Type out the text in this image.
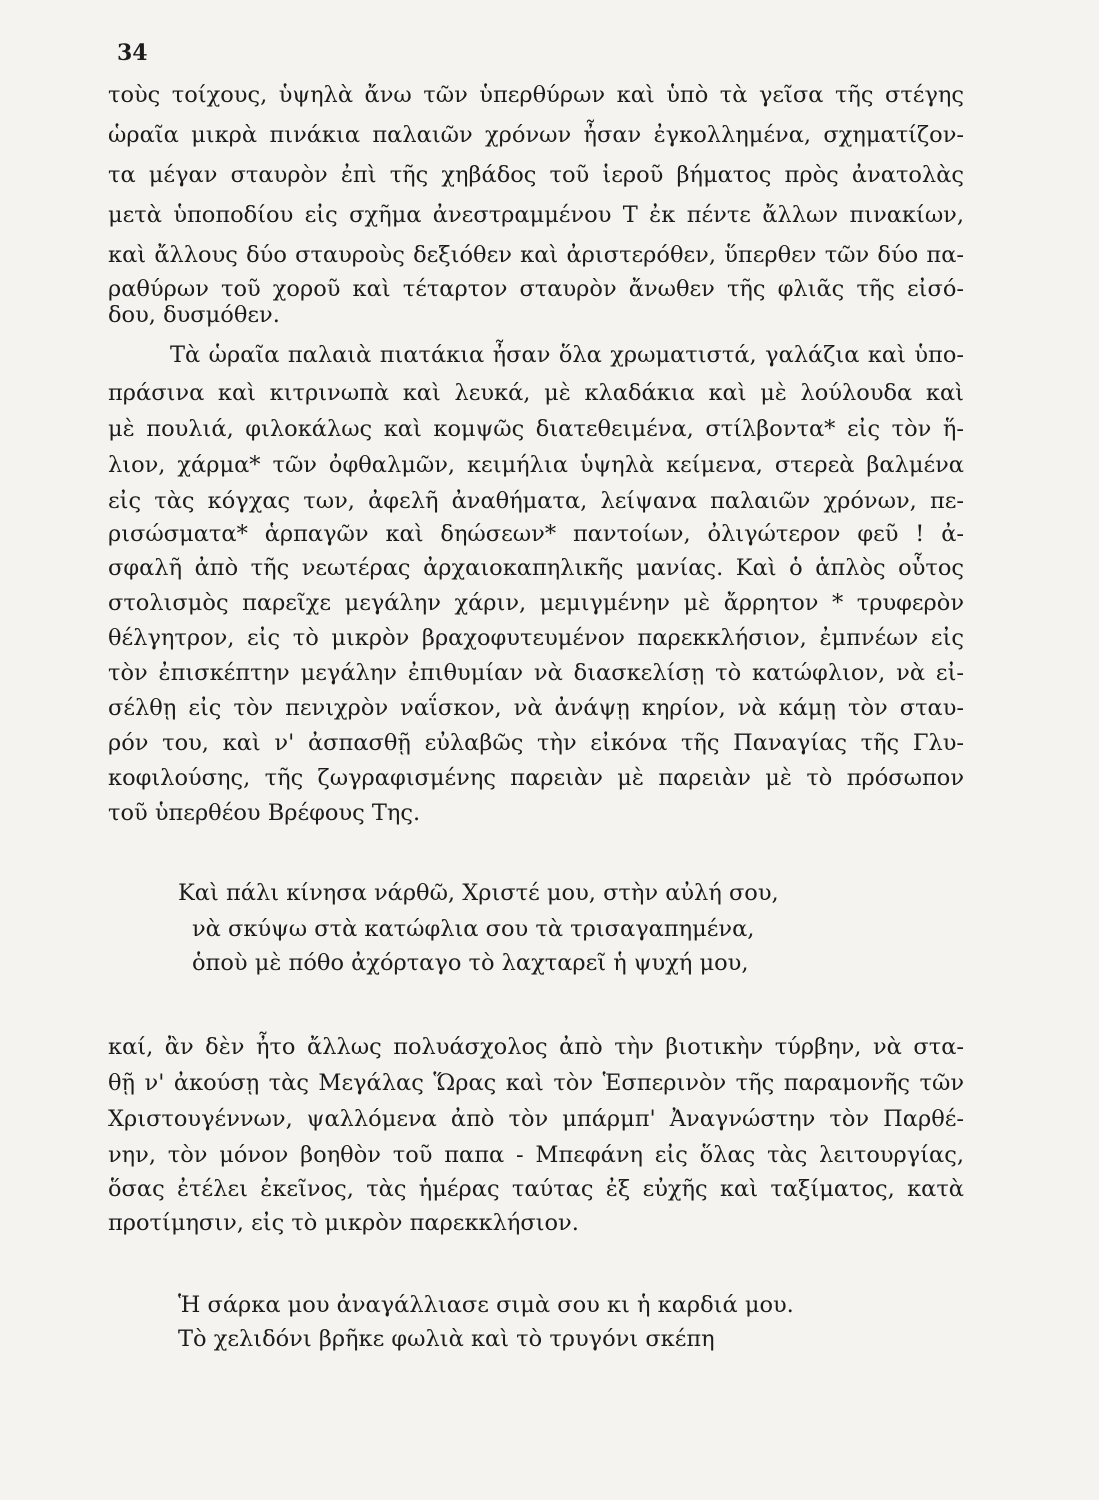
34
τοὺς τοίχους, ὑψηλὰ ἄνω τῶν ὑπερθύρων καὶ ὑπὸ τὰ γεῖσα τῆς στέγης
ὡραῖα μικρὰ πινάκια παλαιῶν χρόνων ἦσαν ἐγκολλημένα, σχηματίζον-
τα μέγαν σταυρὸν ἐπὶ τῆς χηβάδος τοῦ ἱεροῦ βήματος πρὸς ἀνατολὰς
μετὰ ὑποποδίου εἰς σχῆμα ἀνεστραμμένου Τ ἐκ πέντε ἄλλων πινακίων,
καὶ ἄλλους δύο σταυροὺς δεξιόθεν καὶ ἀριστερόθεν, ὕπερθεν τῶν δύο πα-
ραθύρων τοῦ χοροῦ καὶ τέταρτον σταυρὸν ἄνωθεν τῆς φλιᾶς τῆς εἰσό-
δου, δυσμόθεν.
Τὰ ὡραῖα παλαιὰ πιατάκια ἦσαν ὅλα χρωματιστά, γαλάζια καὶ ὑπο-
πράσινα καὶ κιτρινωπὰ καὶ λευκά, μὲ κλαδάκια καὶ μὲ λούλουδα καὶ
μὲ πουλιά, φιλοκάλως καὶ κομψῶς διατεθειμένα, στίλβοντα* εἰς τὸν ἥ-
λιον, χάρμα* τῶν ὀφθαλμῶν, κειμήλια ὑψηλὰ κείμενα, στερεὰ βαλμένα
εἰς τὰς κόγχας των, ἀφελῆ ἀναθήματα, λείψανα παλαιῶν χρόνων, πε-
ρισώσματα* ἁρπαγῶν καὶ δηώσεων* παντοίων, ὀλιγώτερον φεῦ ! ἀ-
σφαλῆ ἀπὸ τῆς νεωτέρας ἀρχαιοκαπηλικῆς μανίας. Καὶ ὁ ἁπλὸς οὗτος
στολισμὸς παρεῖχε μεγάλην χάριν, μεμιγμένην μὲ ἄρρητον * τρυφερὸν
θέλγητρον, εἰς τὸ μικρὸν βραχοφυτευμένον παρεκκλήσιον, ἐμπνέων εἰς
τὸν ἐπισκέπτην μεγάλην ἐπιθυμίαν νὰ διασκελίσῃ τὸ κατώφλιον, νὰ εἰ-
σέλθῃ εἰς τὸν πενιχρὸν ναΐσκον, νὰ ἀνάψῃ κηρίον, νὰ κάμῃ τὸν σταυ-
ρόν του, καὶ ν' ἀσπασθῇ εὐλαβῶς τὴν εἰκόνα τῆς Παναγίας τῆς Γλυ-
κοφιλούσης, τῆς ζωγραφισμένης παρειὰν μὲ παρειὰν μὲ τὸ πρόσωπον
τοῦ ὑπερθέου Βρέφους Της.
Καὶ πάλι κίνησα νάρθῶ, Χριστέ μου, στὴν αὐλή σου,
νὰ σκύψω στὰ κατώφλια σου τὰ τρισαγαπημένα,
ὁποὺ μὲ πόθο ἀχόρταγο τὸ λαχταρεῖ ἡ ψυχή μου,
καί, ἂν δὲν ἦτο ἄλλως πολυάσχολος ἀπὸ τὴν βιοτικὴν τύρβην, νὰ στα-
θῇ ν' ἀκούσῃ τὰς Μεγάλας Ὥρας καὶ τὸν Ἑσπερινὸν τῆς παραμονῆς τῶν
Χριστουγέννων, ψαλλόμενα ἀπὸ τὸν μπάρμπ' Ἀναγνώστην τὸν Παρθέ-
νην, τὸν μόνον βοηθὸν τοῦ παπα - Μπεφάνη εἰς ὅλας τὰς λειτουργίας,
ὅσας ἐτέλει ἐκεῖνος, τὰς ἡμέρας ταύτας ἐξ εὐχῆς καὶ ταξίματος, κατὰ
προτίμησιν, εἰς τὸ μικρὸν παρεκκλήσιον.
Ἡ σάρκα μου ἀναγάλλιασε σιμὰ σου κι ἡ καρδιά μου.
Τὸ χελιδόνι βρῆκε φωλιὰ καὶ τὸ τρυγόνι σκέπη
